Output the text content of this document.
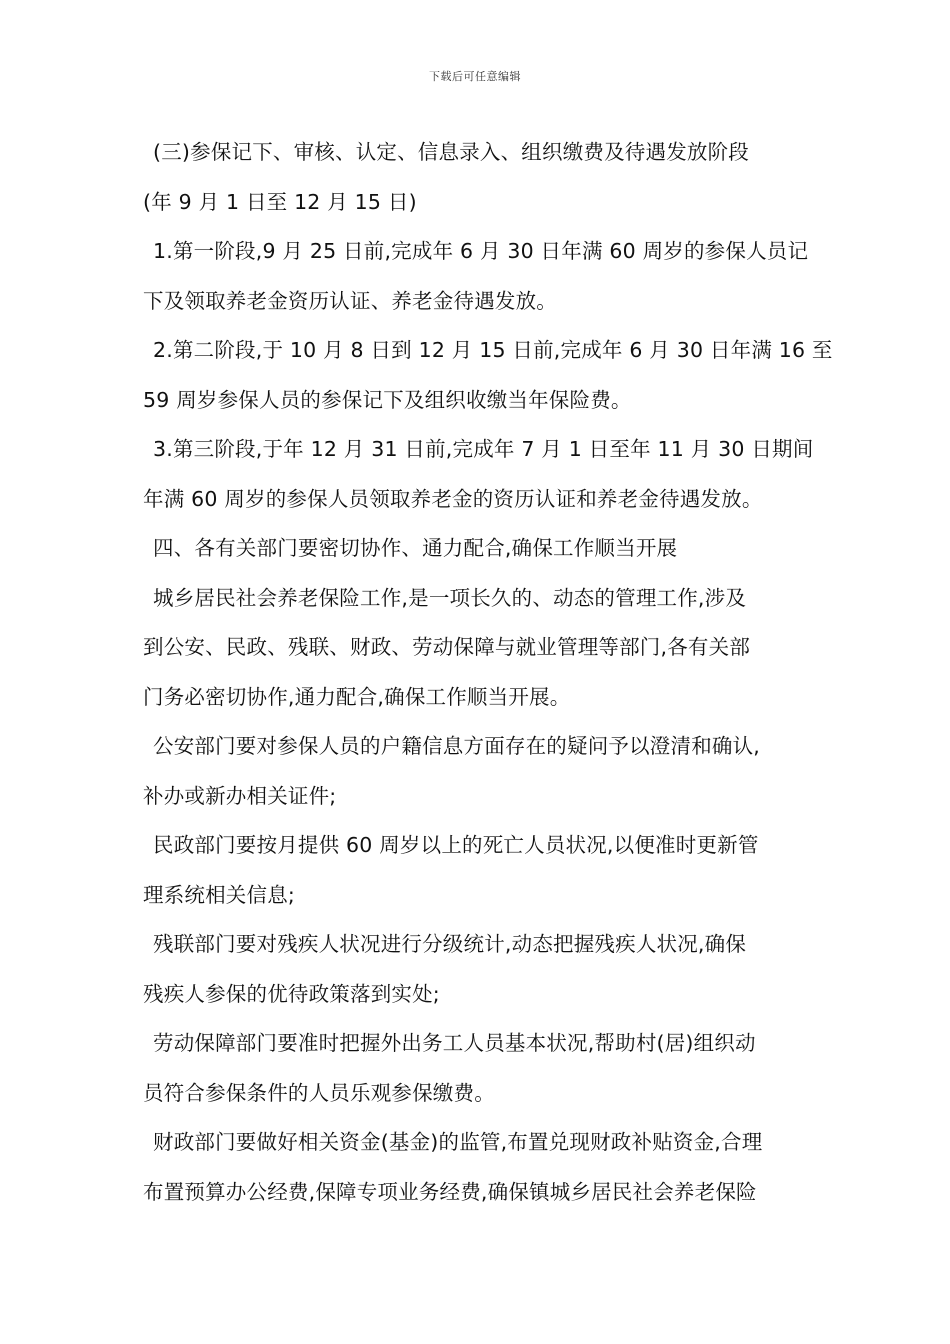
下载后可任意编辑
(三)参保记下、审核、认定、信息录入、组织缴费及待遇发放阶段
(年 9 月 1 日至 12 月 15 日)
1.第一阶段,9 月 25 日前,完成年 6 月 30 日年满 60 周岁的参保人员记
下及领取养老金资历认证、养老金待遇发放。
2.第二阶段,于 10 月 8 日到 12 月 15 日前,完成年 6 月 30 日年满 16 至
59 周岁参保人员的参保记下及组织收缴当年保险费。
3.第三阶段,于年 12 月 31 日前,完成年 7 月 1 日至年 11 月 30 日期间
年满 60 周岁的参保人员领取养老金的资历认证和养老金待遇发放。
四、各有关部门要密切协作、通力配合,确保工作顺当开展
城乡居民社会养老保险工作,是一项长久的、动态的管理工作,涉及
到公安、民政、残联、财政、劳动保障与就业管理等部门,各有关部
门务必密切协作,通力配合,确保工作顺当开展。
公安部门要对参保人员的户籍信息方面存在的疑问予以澄清和确认,
补办或新办相关证件;
民政部门要按月提供 60 周岁以上的死亡人员状况,以便准时更新管
理系统相关信息;
残联部门要对残疾人状况进行分级统计,动态把握残疾人状况,确保
残疾人参保的优待政策落到实处;
劳动保障部门要准时把握外出务工人员基本状况,帮助村(居)组织动
员符合参保条件的人员乐观参保缴费。
财政部门要做好相关资金(基金)的监管,布置兑现财政补贴资金,合理
布置预算办公经费,保障专项业务经费,确保镇城乡居民社会养老保险
